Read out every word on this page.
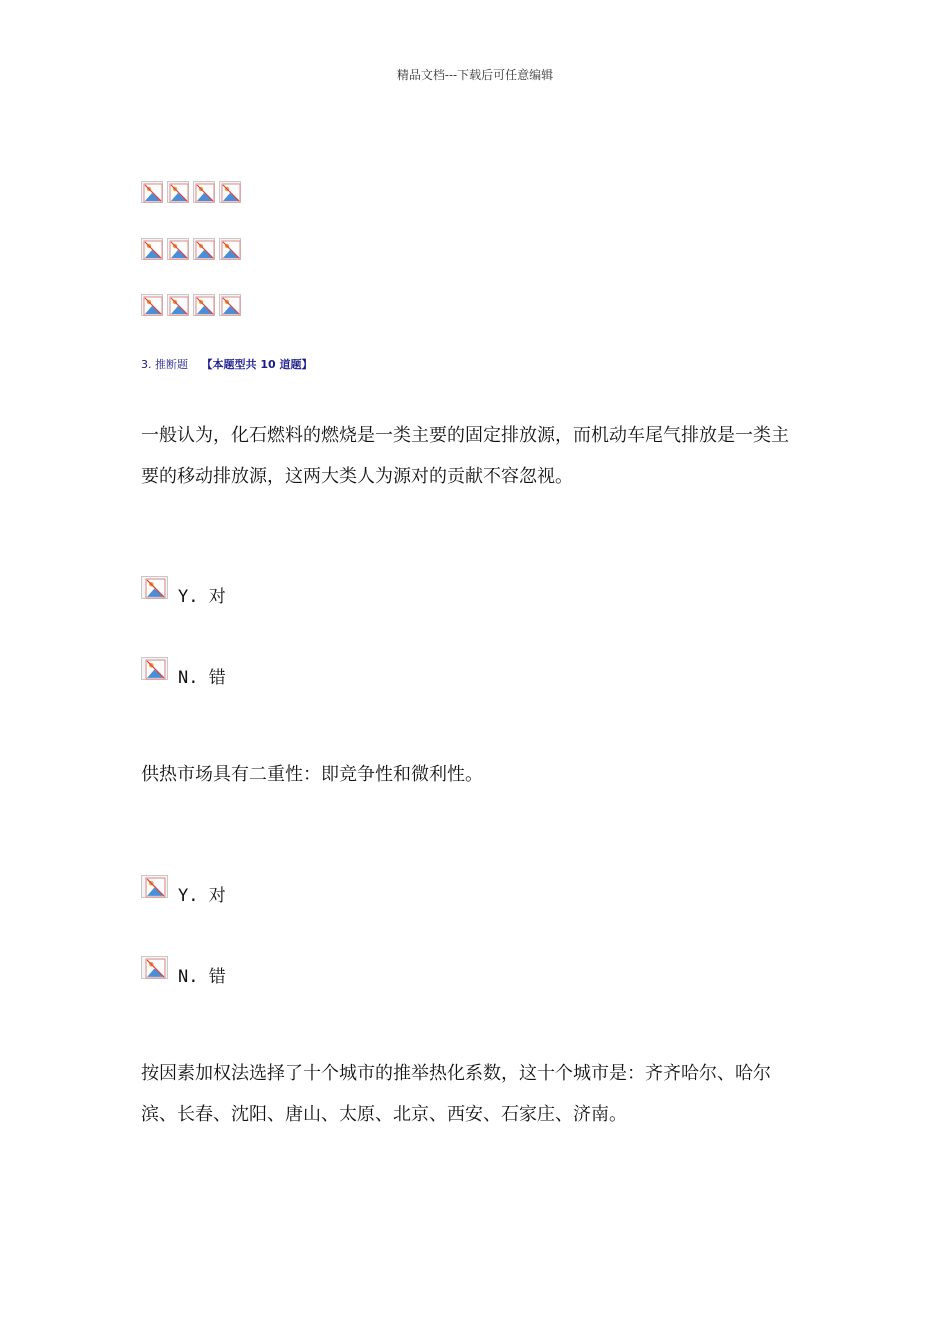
精品文档---下载后可任意编辑
3. 推断题 【本题型共 10 道题】
一般认为，化石燃料的燃烧是一类主要的固定排放源，而机动车尾气排放是一类主要的移动排放源，这两大类人为源对的贡献不容忽视。
Y. 对
N. 错
供热市场具有二重性：即竞争性和微利性。
Y. 对
N. 错
按因素加权法选择了十个城市的推举热化系数，这十个城市是：齐齐哈尔、哈尔滨、长春、沈阳、唐山、太原、北京、西安、石家庄、济南。
